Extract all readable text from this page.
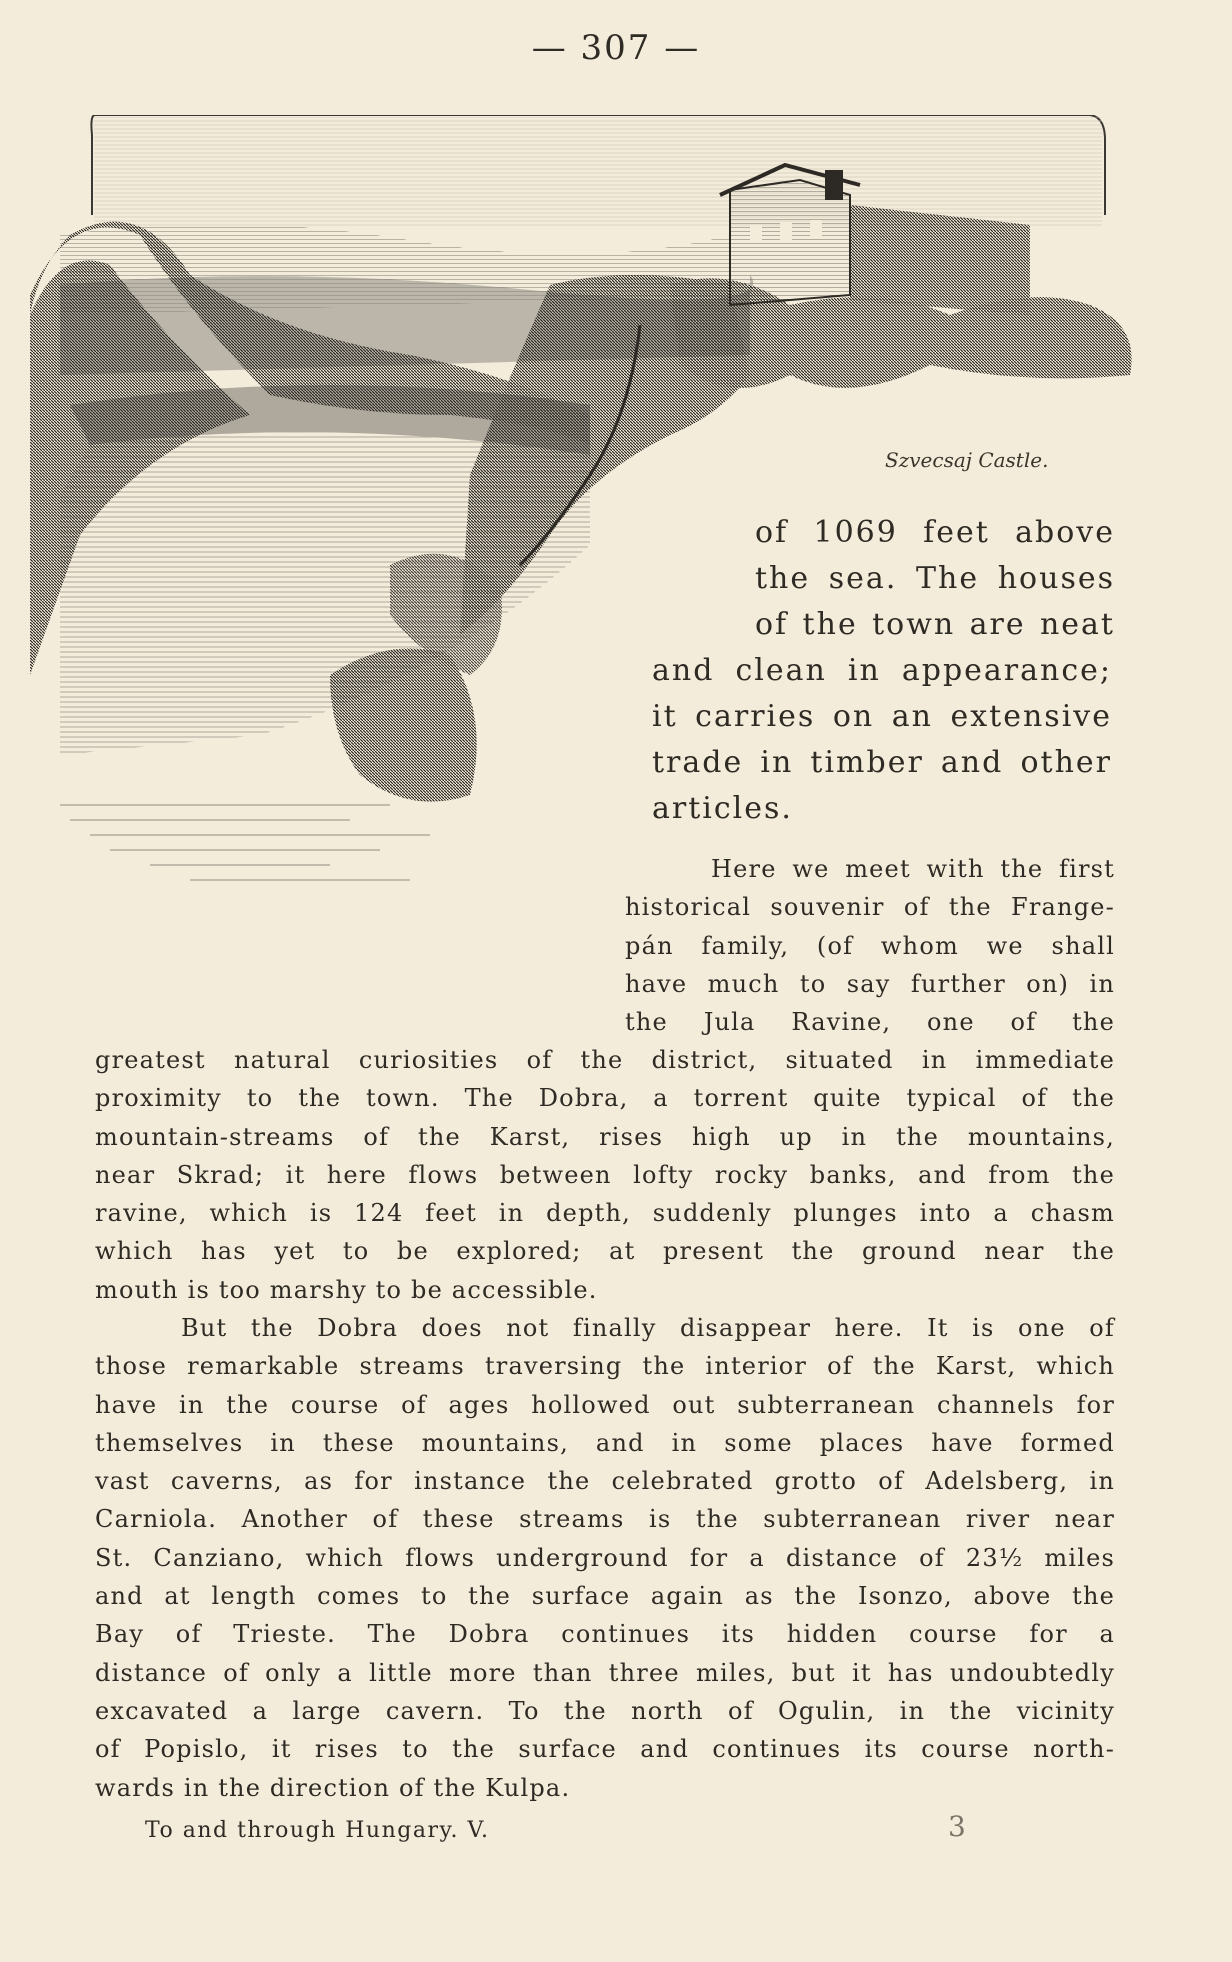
— 307 —
Szvecsaj Castle.
of 1069 feet above
the sea. The houses
of the town are neat
and clean in appearance;
it carries on an extensive
trade in timber and other
articles.
Here we meet with the first
historical souvenir of the Frange-
pán family, (of whom we shall
have much to say further on) in
the Jula Ravine, one of the
greatest natural curiosities of the district, situated in immediate
proximity to the town. The Dobra, a torrent quite typical of the
mountain-streams of the Karst, rises high up in the mountains,
near Skrad; it here flows between lofty rocky banks, and from the
ravine, which is 124 feet in depth, suddenly plunges into a chasm
which has yet to be explored; at present the ground near the
mouth is too marshy to be accessible.
But the Dobra does not finally disappear here. It is one of
those remarkable streams traversing the interior of the Karst, which
have in the course of ages hollowed out subterranean channels for
themselves in these mountains, and in some places have formed
vast caverns, as for instance the celebrated grotto of Adelsberg, in
Carniola. Another of these streams is the subterranean river near
St. Canziano, which flows underground for a distance of 23½ miles
and at length comes to the surface again as the Isonzo, above the
Bay of Trieste. The Dobra continues its hidden course for a
distance of only a little more than three miles, but it has undoubtedly
excavated a large cavern. To the north of Ogulin, in the vicinity
of Popislo, it rises to the surface and continues its course north-
wards in the direction of the Kulpa.
To and through Hungary. V.	3
